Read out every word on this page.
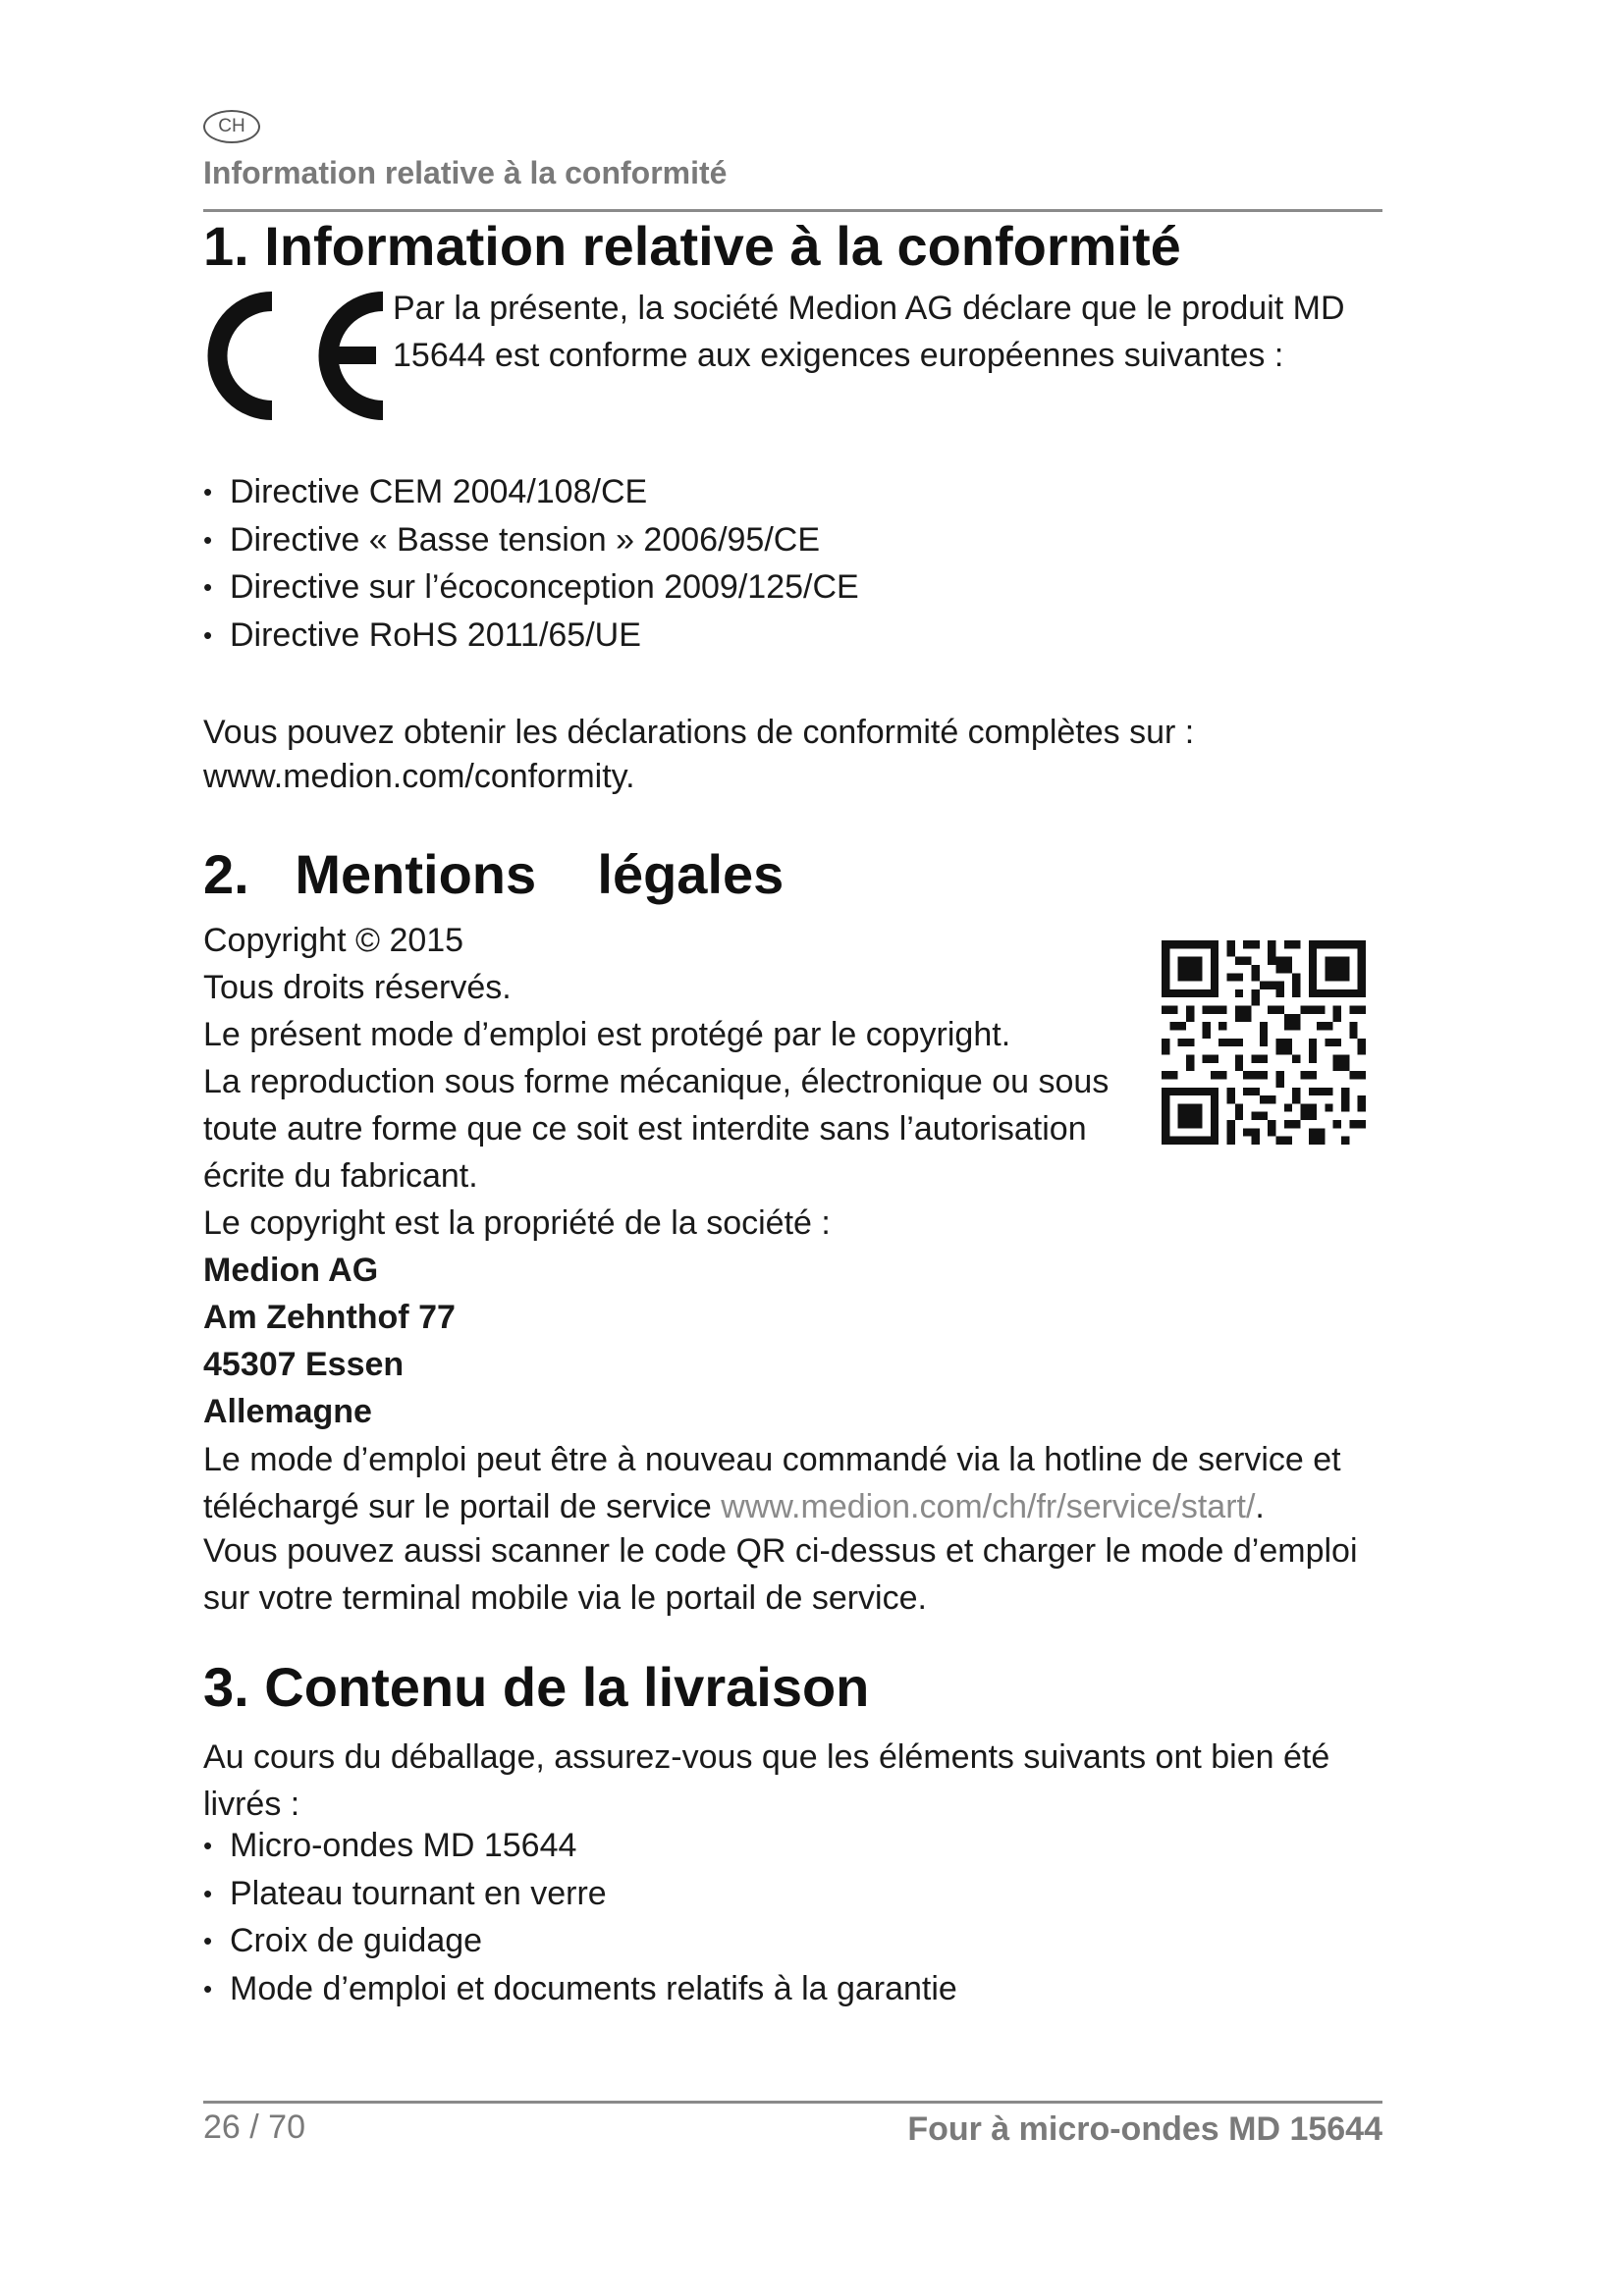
CH
Information relative à la conformité
1. Information relative à la conformité

Par la présente, la société Medion AG déclare que le produit MD 15644 est conforme aux exigences européennes suivantes :

• Directive CEM 2004/108/CE
• Directive « Basse tension » 2006/95/CE
• Directive sur l’écoconception 2009/125/CE
• Directive RoHS 2011/65/UE

Vous pouvez obtenir les déclarations de conformité complètes sur :

www.medion.com/conformity.

2. Mentions    légales

Copyright © 2015

Tous droits réservés.

Le présent mode d’emploi est protégé par le copyright.

La reproduction sous forme mécanique, électronique ou sous

toute autre forme que ce soit est interdite sans l’autorisation

écrite du fabricant.

Le copyright est la propriété de la société :

Medion AG

Am Zehnthof 77

45307 Essen

Allemagne

Le mode d’emploi peut être à nouveau commandé via la hotline de service et téléchargé sur le portail de service www.medion.com/ch/fr/service/start/.

Vous pouvez aussi scanner le code QR ci-dessus et charger le mode d’emploi sur votre terminal mobile via le portail de service.

3. Contenu de la livraison

Au cours du déballage, assurez-vous que les éléments suivants ont bien été livrés :

• Micro-ondes MD 15644
• Plateau tournant en verre
• Croix de guidage
• Mode d’emploi et documents relatifs à la garantie
26 / 70	Four à micro-ondes MD 15644
